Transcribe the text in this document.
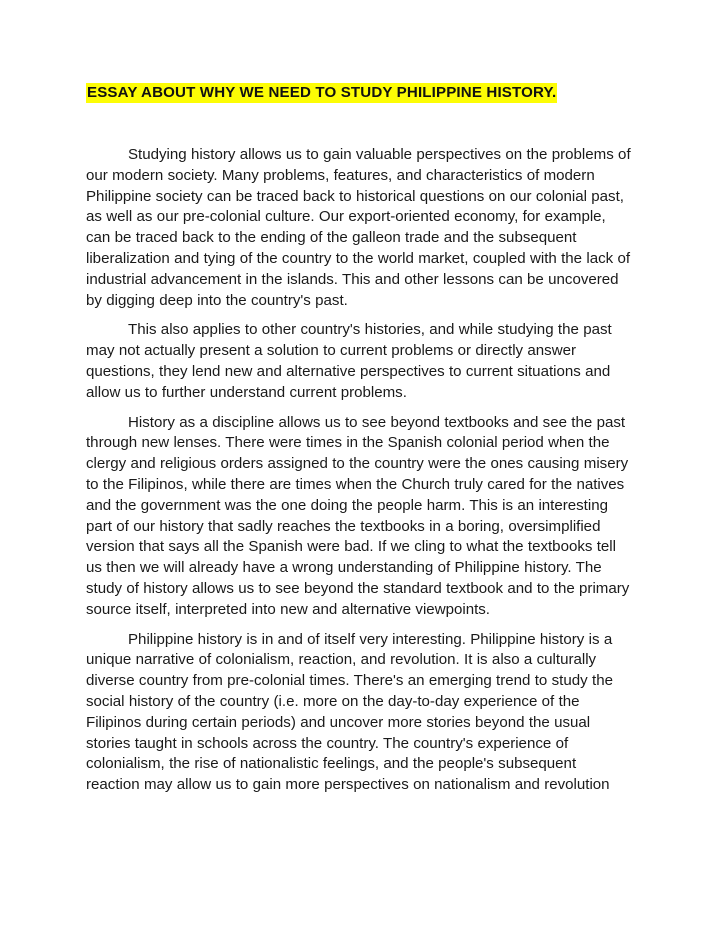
ESSAY ABOUT WHY WE NEED TO STUDY PHILIPPINE HISTORY.

Studying history allows us to gain valuable perspectives on the problems of our modern society. Many problems, features, and characteristics of modern Philippine society can be traced back to historical questions on our colonial past, as well as our pre-colonial culture. Our export-oriented economy, for example, can be traced back to the ending of the galleon trade and the subsequent liberalization and tying of the country to the world market, coupled with the lack of industrial advancement in the islands. This and other lessons can be uncovered by digging deep into the country's past.

This also applies to other country's histories, and while studying the past may not actually present a solution to current problems or directly answer questions, they lend new and alternative perspectives to current situations and allow us to further understand current problems.

History as a discipline allows us to see beyond textbooks and see the past through new lenses. There were times in the Spanish colonial period when the clergy and religious orders assigned to the country were the ones causing misery to the Filipinos, while there are times when the Church truly cared for the natives and the government was the one doing the people harm. This is an interesting part of our history that sadly reaches the textbooks in a boring, oversimplified version that says all the Spanish were bad. If we cling to what the textbooks tell us then we will already have a wrong understanding of Philippine history. The study of history allows us to see beyond the standard textbook and to the primary source itself, interpreted into new and alternative viewpoints.

Philippine history is in and of itself very interesting. Philippine history is a unique narrative of colonialism, reaction, and revolution. It is also a culturally diverse country from pre-colonial times. There's an emerging trend to study the social history of the country (i.e. more on the day-to-day experience of the Filipinos during certain periods) and uncover more stories beyond the usual stories taught in schools across the country. The country's experience of colonialism, the rise of nationalistic feelings, and the people's subsequent reaction may allow us to gain more perspectives on nationalism and revolution
